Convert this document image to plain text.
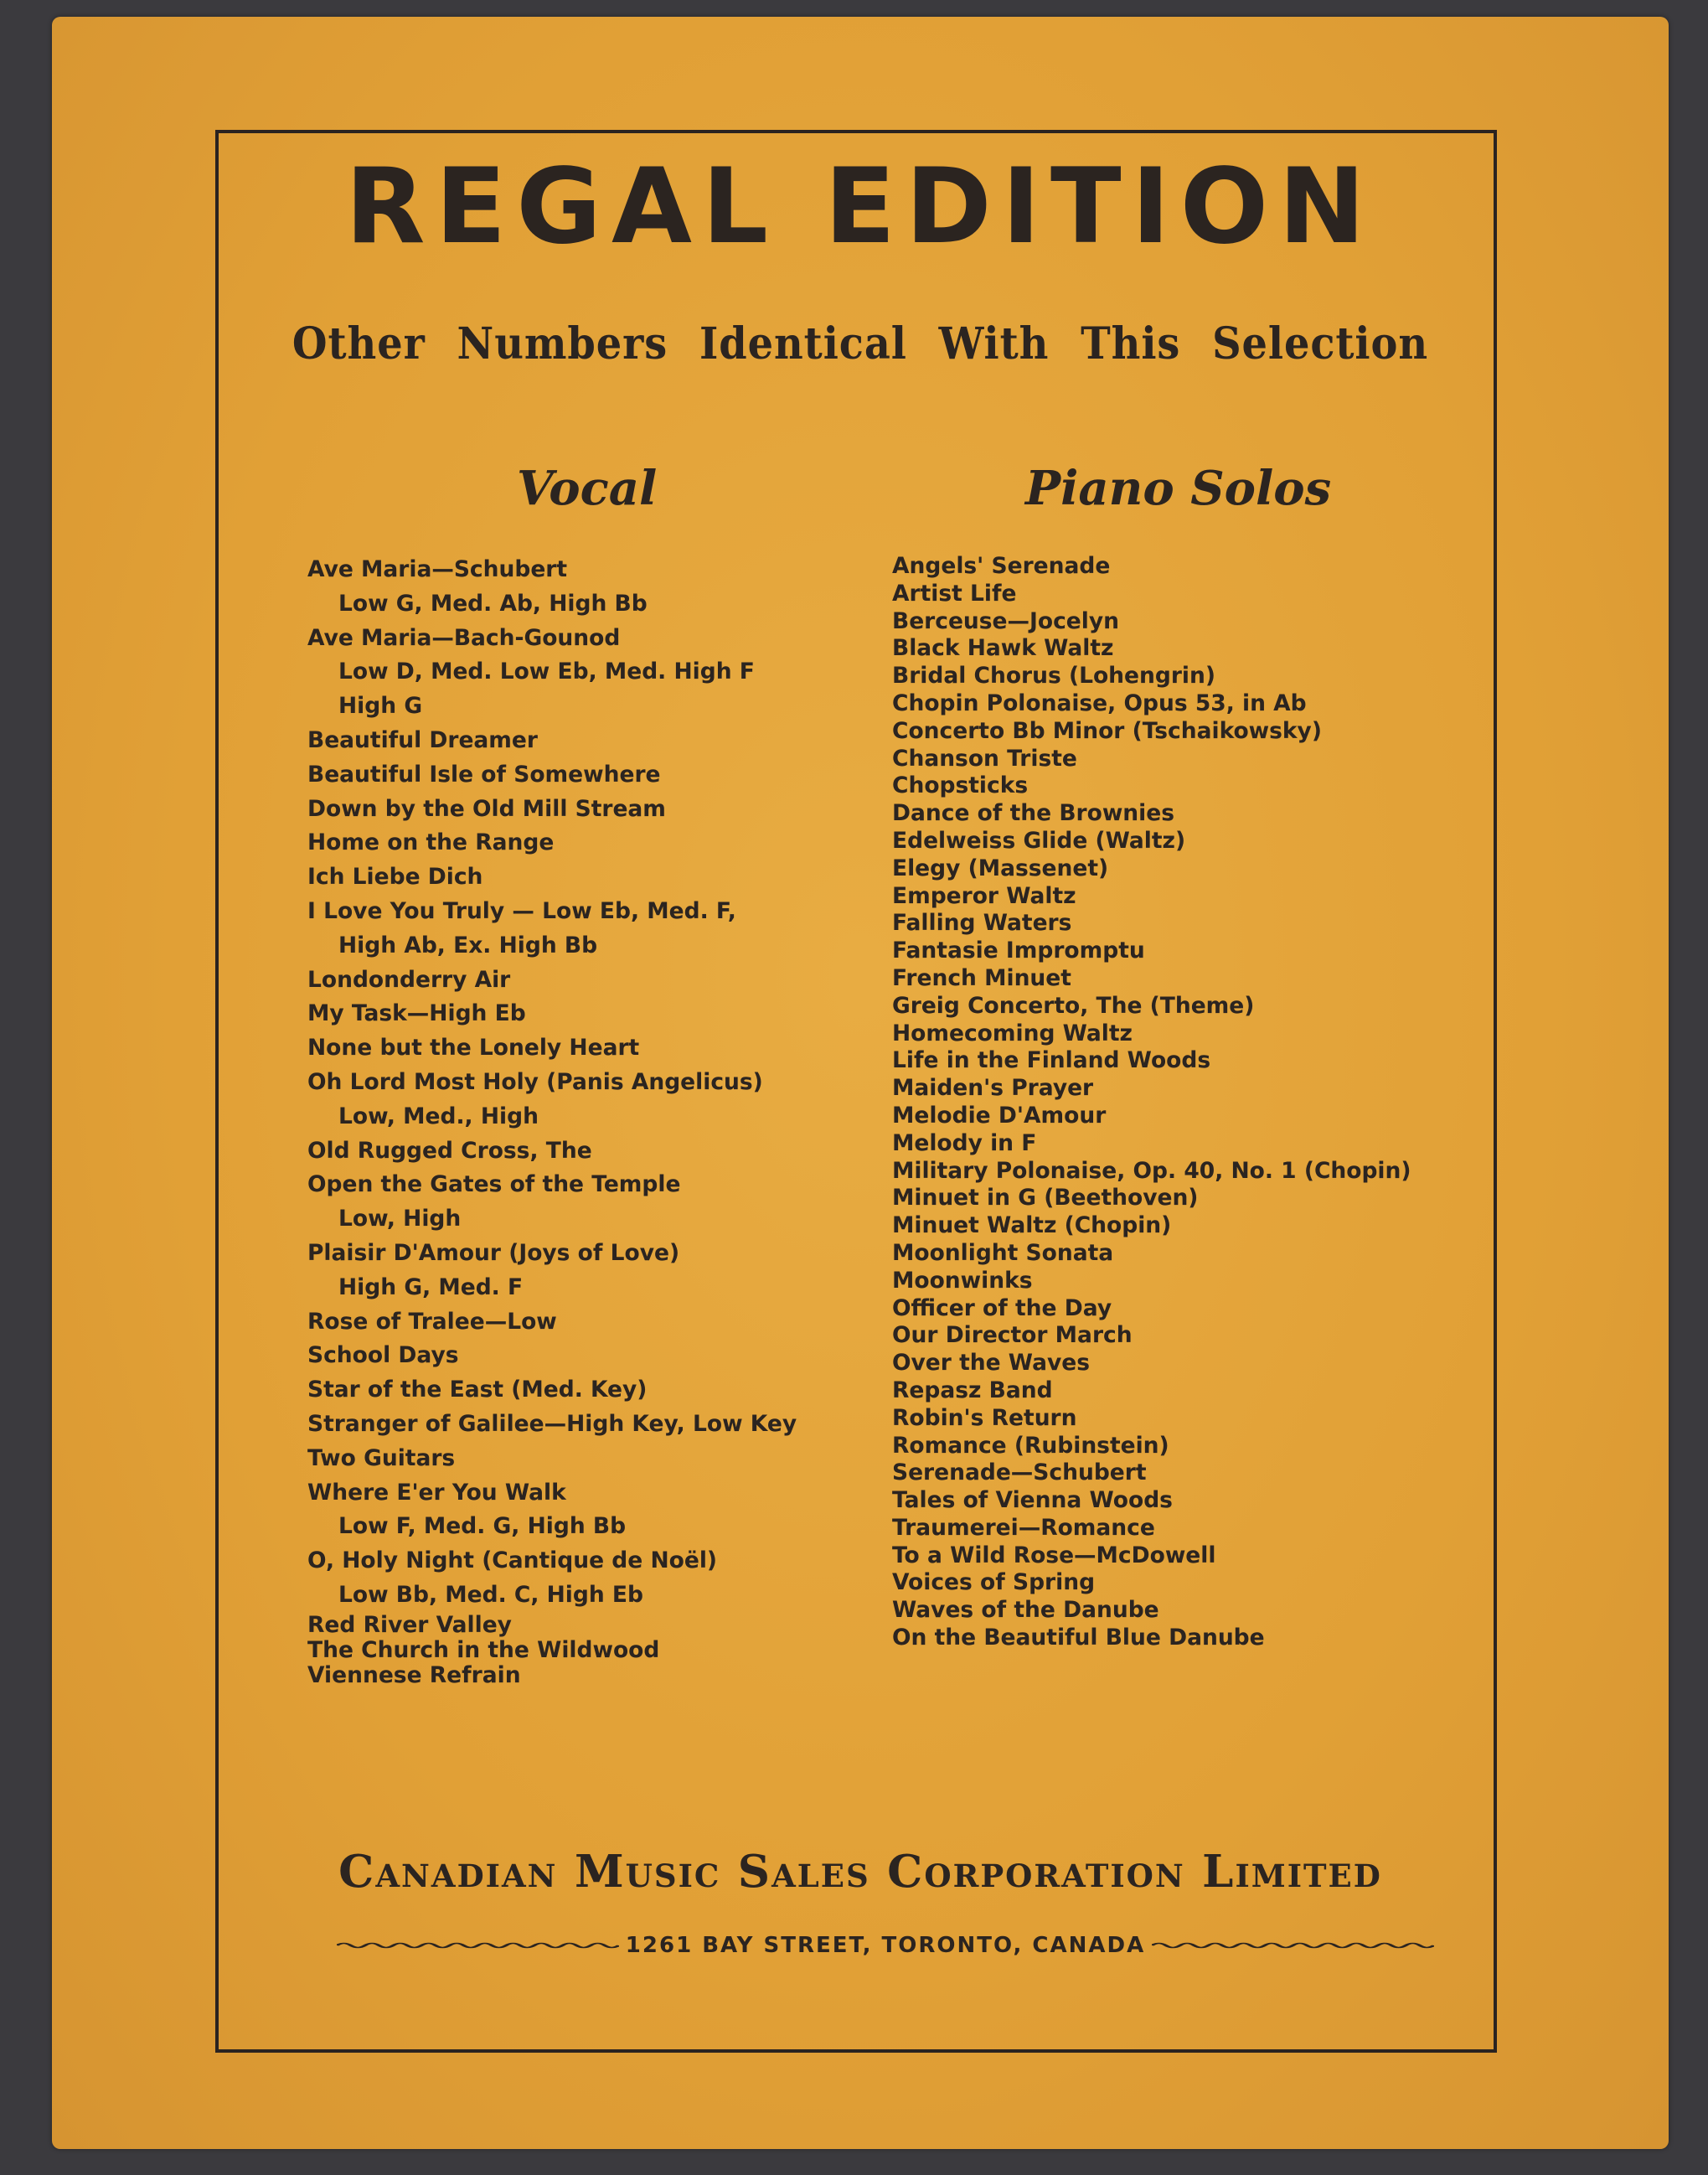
REGAL EDITION
Other Numbers Identical With This Selection
Vocal	Piano Solos
Ave Maria—Schubert
Low G, Med. Ab, High Bb
Ave Maria—Bach-Gounod
Low D, Med. Low Eb, Med. High F
High G
Beautiful Dreamer
Beautiful Isle of Somewhere
Down by the Old Mill Stream
Home on the Range
Ich Liebe Dich
I Love You Truly — Low Eb, Med. F,
High Ab, Ex. High Bb
Londonderry Air
My Task—High Eb
None but the Lonely Heart
Oh Lord Most Holy (Panis Angelicus)
Low, Med., High
Old Rugged Cross, The
Open the Gates of the Temple
Low, High
Plaisir D'Amour (Joys of Love)
High G, Med. F
Rose of Tralee—Low
School Days
Star of the East (Med. Key)
Stranger of Galilee—High Key, Low Key
Two Guitars
Where E'er You Walk
Low F, Med. G, High Bb
O, Holy Night (Cantique de Noël)
Low Bb, Med. C, High Eb
Red River Valley
The Church in the Wildwood
Viennese Refrain
Angels' Serenade
Artist Life
Berceuse—Jocelyn
Black Hawk Waltz
Bridal Chorus (Lohengrin)
Chopin Polonaise, Opus 53, in Ab
Concerto Bb Minor (Tschaikowsky)
Chanson Triste
Chopsticks
Dance of the Brownies
Edelweiss Glide (Waltz)
Elegy (Massenet)
Emperor Waltz
Falling Waters
Fantasie Impromptu
French Minuet
Greig Concerto, The (Theme)
Homecoming Waltz
Life in the Finland Woods
Maiden's Prayer
Melodie D'Amour
Melody in F
Military Polonaise, Op. 40, No. 1 (Chopin)
Minuet in G (Beethoven)
Minuet Waltz (Chopin)
Moonlight Sonata
Moonwinks
Officer of the Day
Our Director March
Over the Waves
Repasz Band
Robin's Return
Romance (Rubinstein)
Serenade—Schubert
Tales of Vienna Woods
Traumerei—Romance
To a Wild Rose—McDowell
Voices of Spring
Waves of the Danube
On the Beautiful Blue Danube
Canadian Music Sales Corporation Limited
1261 BAY STREET, TORONTO, CANADA
